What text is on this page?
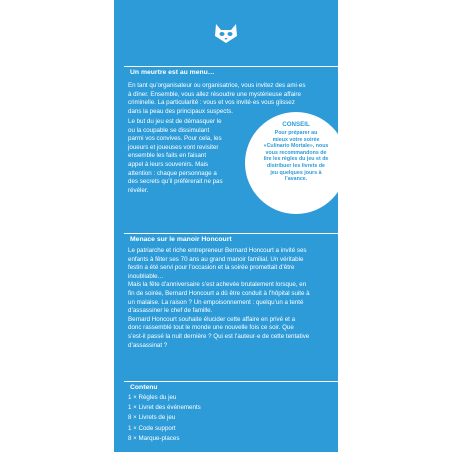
Un meurtre est au menu…

En tant qu’organisateur ou organisatrice, vous invitez des ami·es
à dîner. Ensemble, vous allez résoudre une mystérieuse affaire
criminelle. La particularité : vous et vos invité·es vous glissez
dans la peau des principaux suspects.

Le but du jeu est de démasquer le
ou la coupable se dissimulant
parmi vos convives. Pour cela, les
joueurs et joueuses vont revisiter
ensemble les faits en faisant
appel à leurs souvenirs. Mais
attention : chaque personnage a
des secrets qu’il préférerait ne pas
révéler.

CONSEIL
Pour préparer au
mieux votre soirée
«Culinario Mortale», nous
vous recommandons de
lire les règles du jeu et de
distribuer les livrets de
jeu quelques jours à
l’avance.
Menace sur le manoir Honcourt

Le patriarche et riche entrepreneur Bernard Honcourt a invité ses
enfants à fêter ses 70 ans au grand manoir familial. Un véritable
festin a été servi pour l’occasion et la soirée promettait d’être
inoubliable…
Mais la fête d’anniversaire s’est achevée brutalement lorsque, en
fin de soirée, Bernard Honcourt a dû être conduit à l’hôpital suite à
un malaise. La raison ? Un empoisonnement : quelqu’un a tenté
d’assassiner le chef de famille.
Bernard Honcourt souhaite élucider cette affaire en privé et a
donc rassemblé tout le monde une nouvelle fois ce soir. Que
s’est-il passé la nuit dernière ? Qui est l’auteur·e de cette tentative
d’assassinat ?

Contenu
1 × Règles du jeu
1 × Livret des événements
8 × Livrets de jeu
1 × Code support
8 × Marque-places
